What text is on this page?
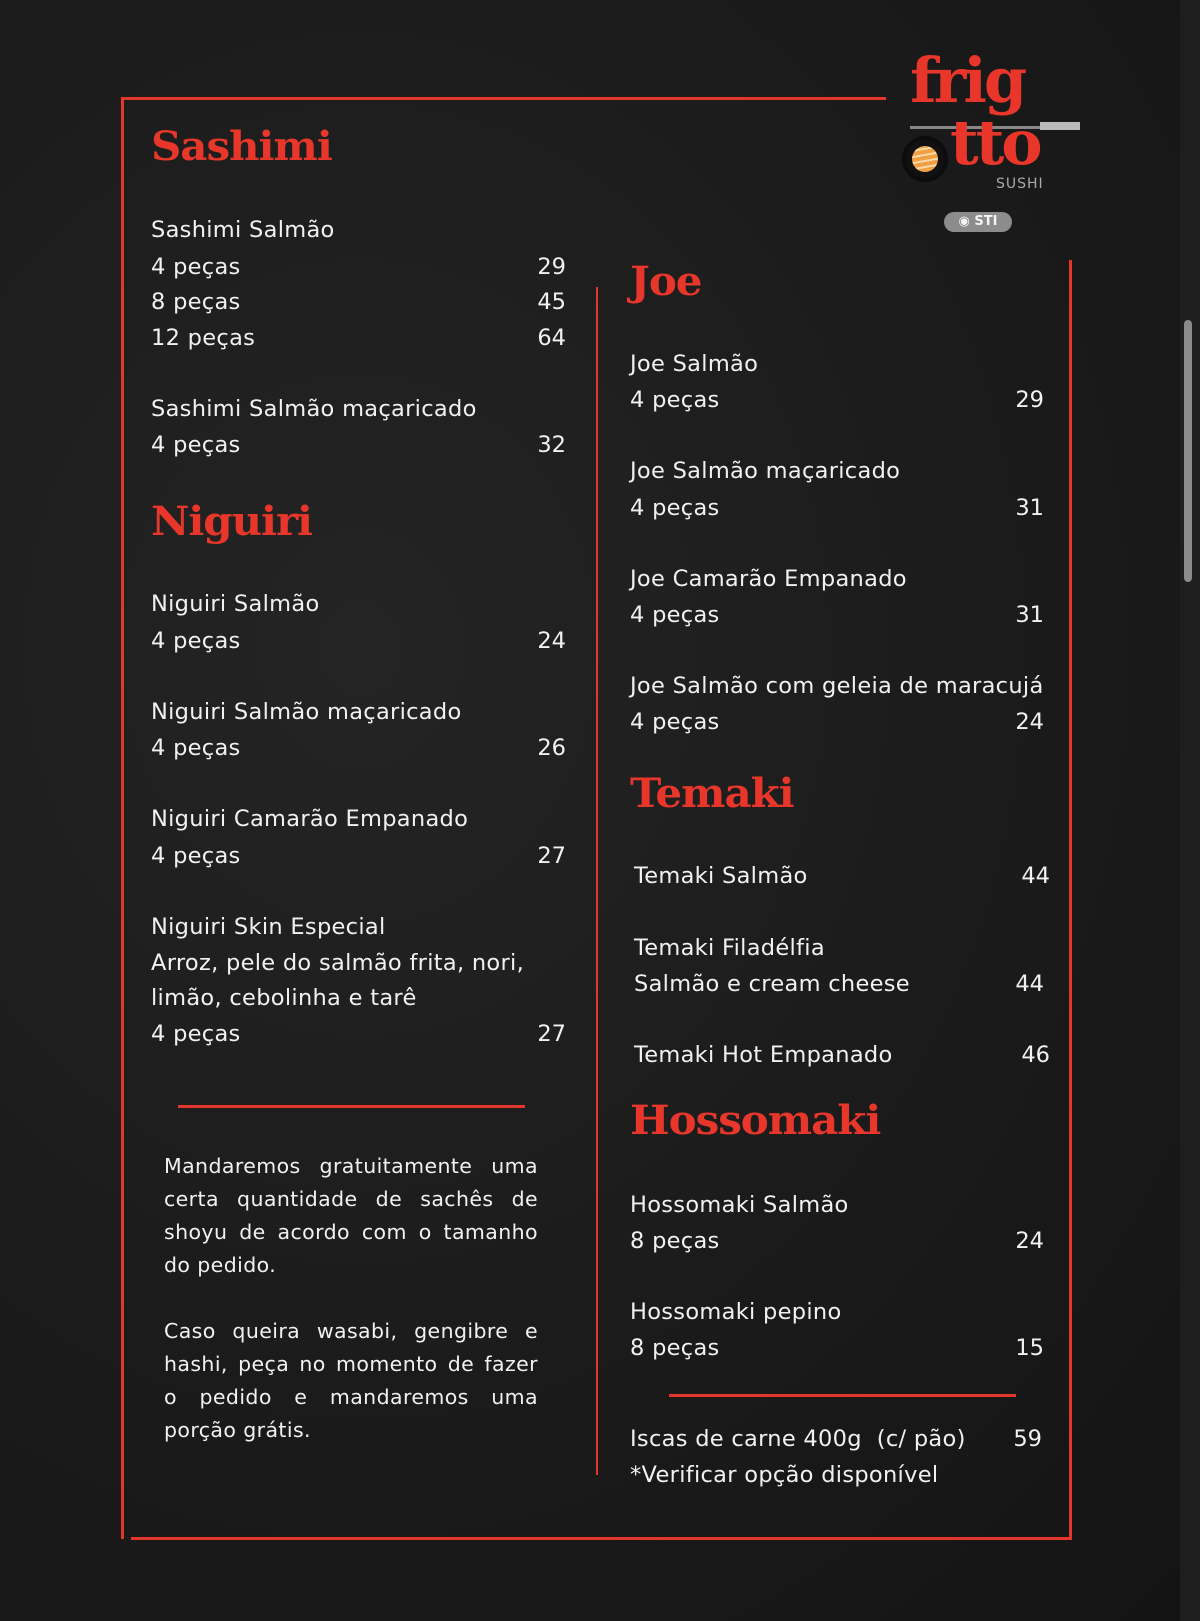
frig
tto
SUSHI
◉ STI
Sashimi
Sashimi Salmão
4 peças	29
8 peças	45
12 peças	64
Sashimi Salmão maçaricado
4 peças	32
Niguiri
Niguiri Salmão
4 peças	24
Niguiri Salmão maçaricado
4 peças	26
Niguiri Camarão Empanado
4 peças	27
Niguiri Skin Especial
Arroz, pele do salmão frita, nori,
limão, cebolinha e tarê
4 peças	27
Mandaremos gratuitamente uma
certa quantidade de sachês de
shoyu de acordo com o tamanho
do pedido.
Caso queira wasabi, gengibre e
hashi, peça no momento de fazer
o pedido e mandaremos uma
porção grátis.
Joe
Joe Salmão
4 peças	29
Joe Salmão maçaricado
4 peças	31
Joe Camarão Empanado
4 peças	31
Joe Salmão com geleia de maracujá
4 peças	24
Temaki
Temaki Salmão	44
Temaki Filadélfia
Salmão e cream cheese	44
Temaki Hot Empanado	46
Hossomaki
Hossomaki Salmão
8 peças	24
Hossomaki pepino
8 peças	15
Iscas de carne 400g  (c/ pão) 59
*Verificar opção disponível
